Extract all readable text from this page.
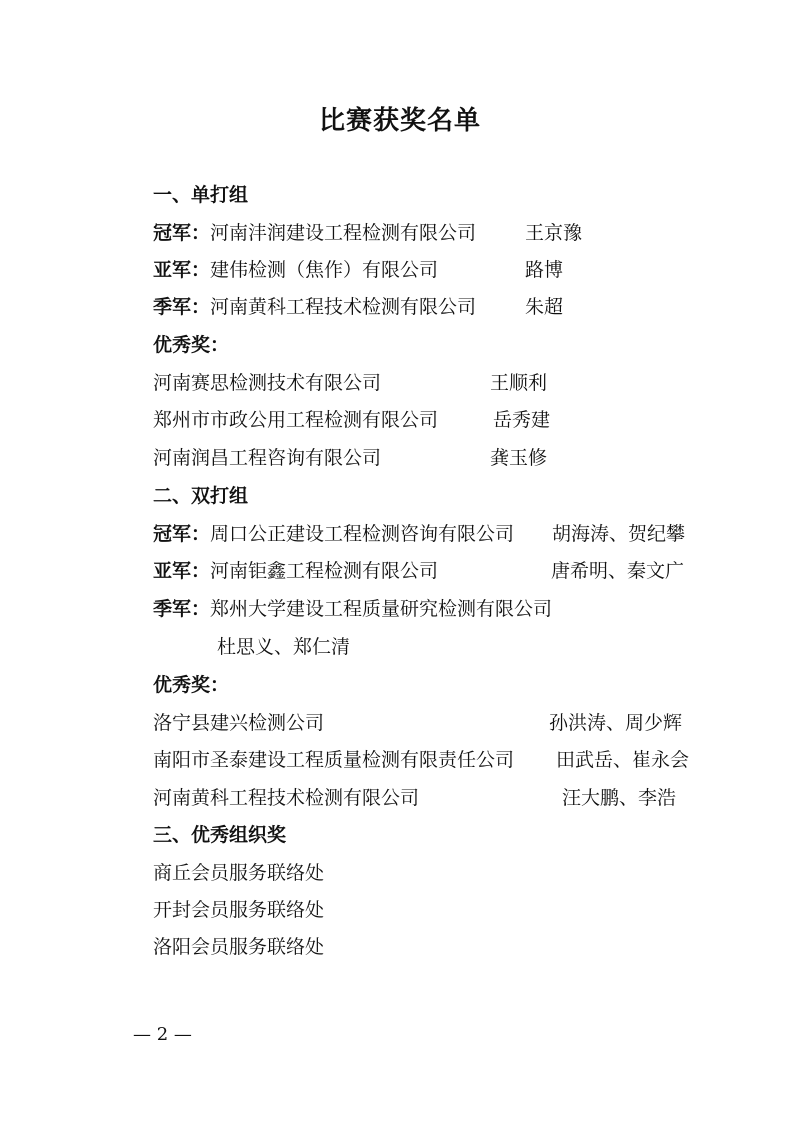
比赛获奖名单
一、单打组
冠军：河南沣润建设工程检测有限公司	王京豫
亚军：建伟检测（焦作）有限公司	路博
季军：河南黄科工程技术检测有限公司	朱超
优秀奖：
河南赛思检测技术有限公司	王顺利
郑州市市政公用工程检测有限公司	岳秀建
河南润昌工程咨询有限公司	龚玉修
二、双打组
冠军：周口公正建设工程检测咨询有限公司 胡海涛、贺纪攀
亚军：河南钜鑫工程检测有限公司	唐希明、秦文广
季军：郑州大学建设工程质量研究检测有限公司
杜思义、郑仁清
优秀奖：
洛宁县建兴检测公司	孙洪涛、周少辉
南阳市圣泰建设工程质量检测有限责任公司 田武岳、崔永会
河南黄科工程技术检测有限公司	汪大鹏、李浩
三、优秀组织奖
商丘会员服务联络处
开封会员服务联络处
洛阳会员服务联络处
— 2 —
